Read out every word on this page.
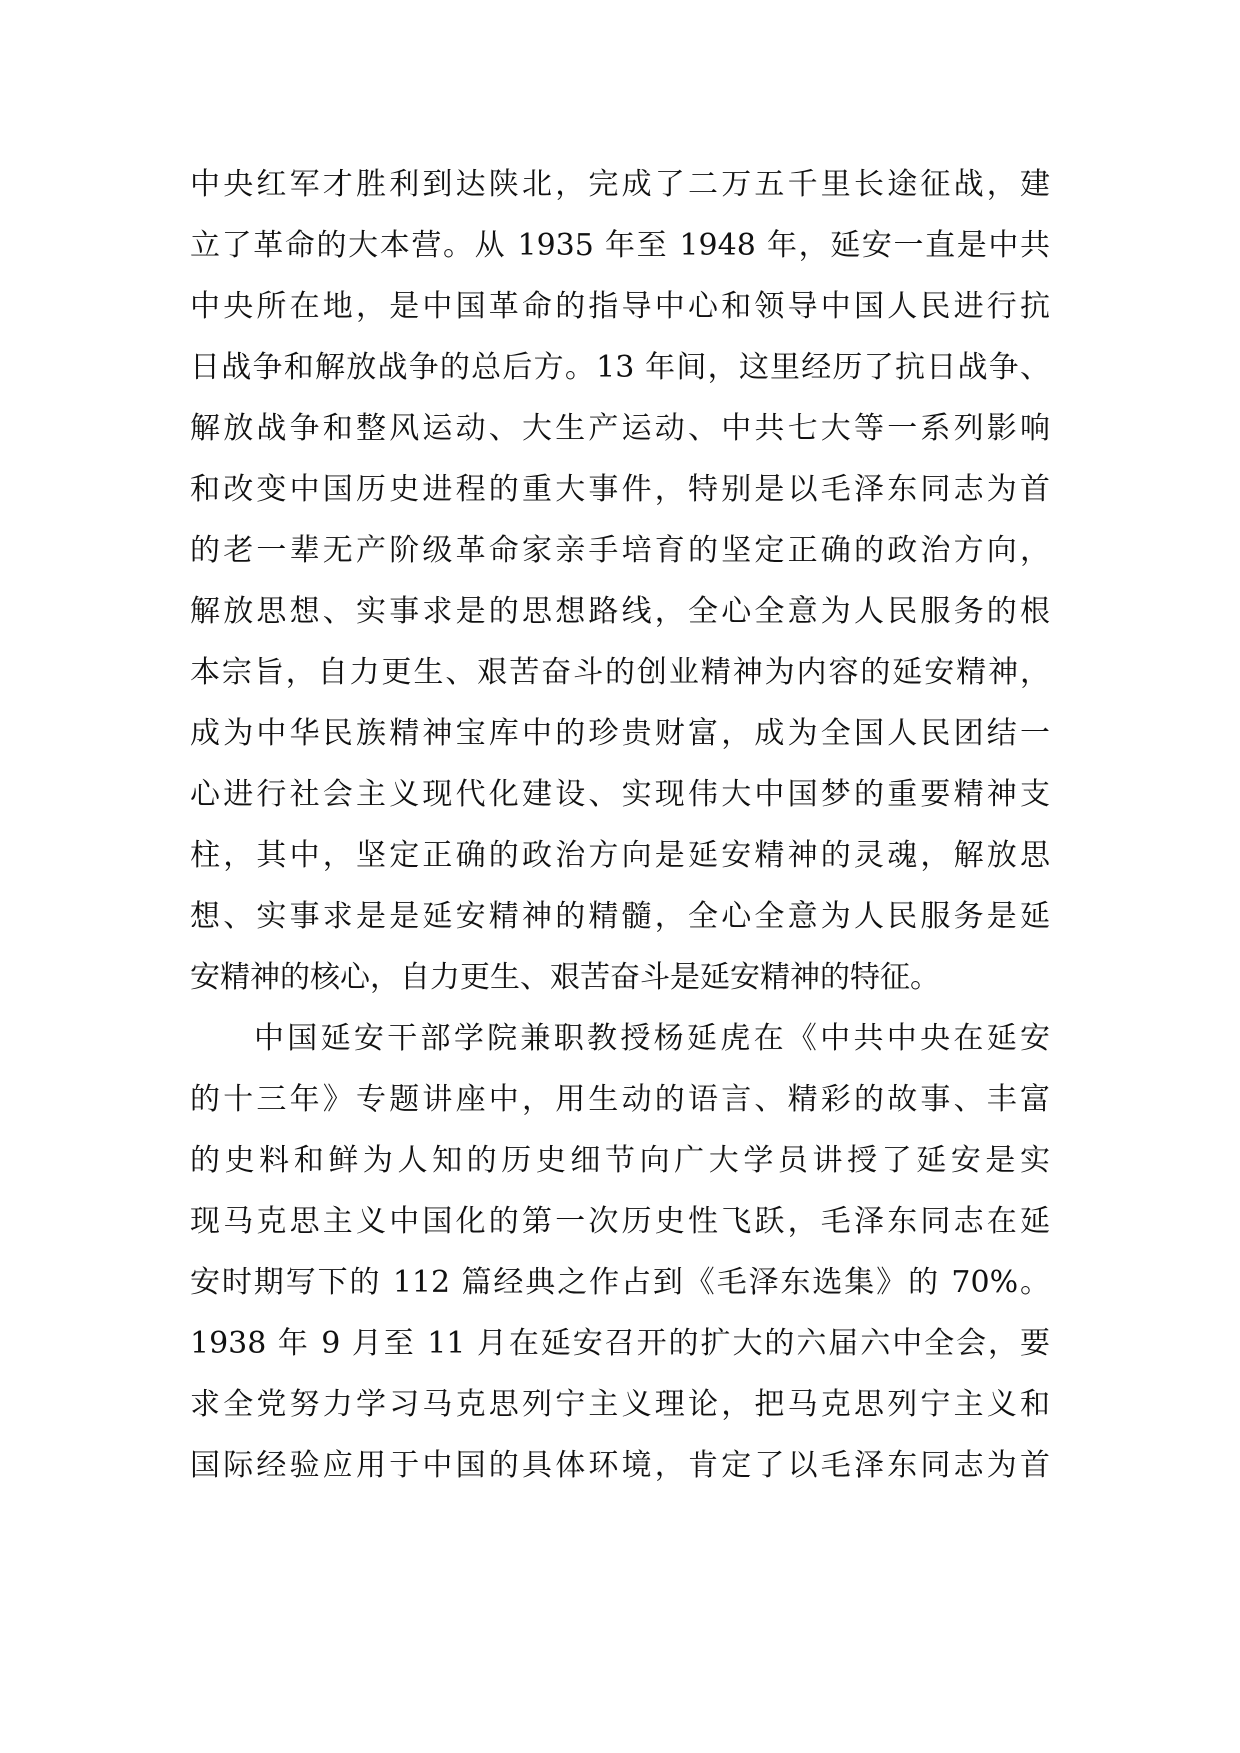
中央红军才胜利到达陕北，完成了二万五千里长途征战，建
立了革命的大本营。从 1935 年至 1948 年，延安一直是中共
中央所在地，是中国革命的指导中心和领导中国人民进行抗
日战争和解放战争的总后方。13 年间，这里经历了抗日战争、
解放战争和整风运动、大生产运动、中共七大等一系列影响
和改变中国历史进程的重大事件，特别是以毛泽东同志为首
的老一辈无产阶级革命家亲手培育的坚定正确的政治方向，
解放思想、实事求是的思想路线，全心全意为人民服务的根
本宗旨，自力更生、艰苦奋斗的创业精神为内容的延安精神，
成为中华民族精神宝库中的珍贵财富，成为全国人民团结一
心进行社会主义现代化建设、实现伟大中国梦的重要精神支
柱，其中，坚定正确的政治方向是延安精神的灵魂，解放思
想、实事求是是延安精神的精髓，全心全意为人民服务是延
安精神的核心，自力更生、艰苦奋斗是延安精神的特征。
中国延安干部学院兼职教授杨延虎在《中共中央在延安
的十三年》专题讲座中，用生动的语言、精彩的故事、丰富
的史料和鲜为人知的历史细节向广大学员讲授了延安是实
现马克思主义中国化的第一次历史性飞跃，毛泽东同志在延
安时期写下的 112 篇经典之作占到《毛泽东选集》的 70%。
1938 年 9 月至 11 月在延安召开的扩大的六届六中全会，要
求全党努力学习马克思列宁主义理论，把马克思列宁主义和
国际经验应用于中国的具体环境，肯定了以毛泽东同志为首
